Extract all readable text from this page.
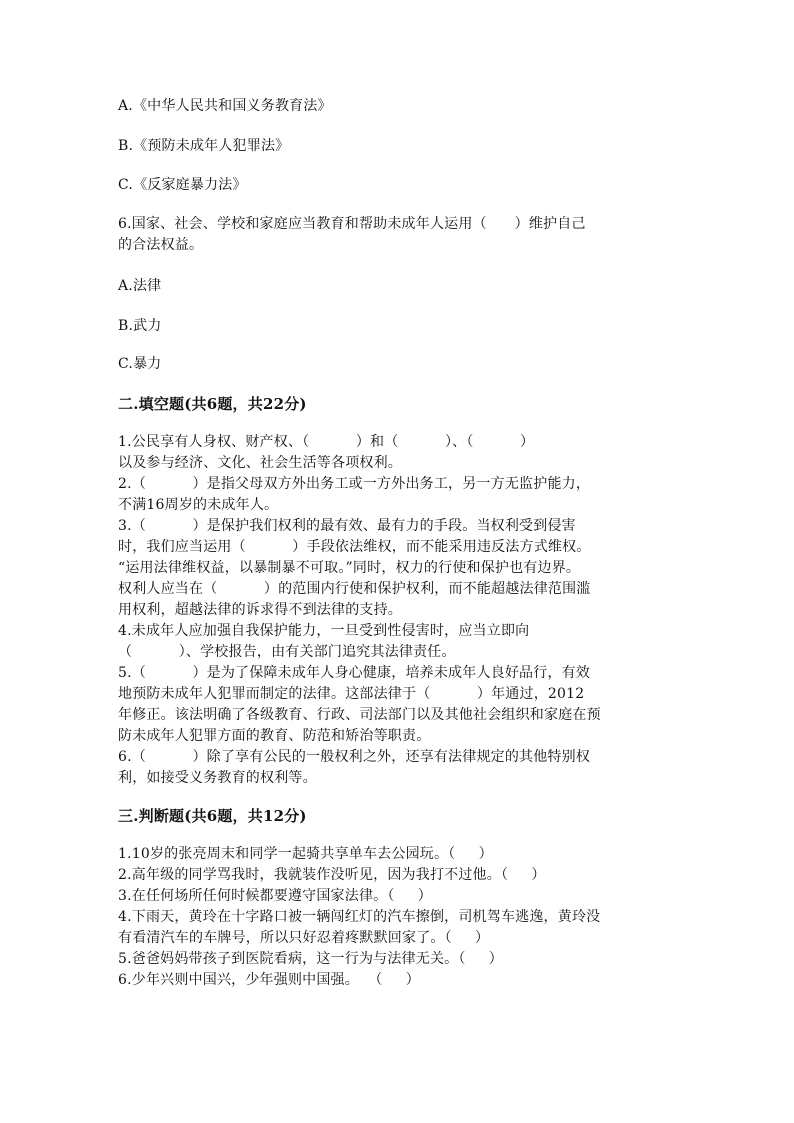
A.《中华人民共和国义务教育法》
B.《预防未成年人犯罪法》
C.《反家庭暴力法》
6.国家、社会、学校和家庭应当教育和帮助未成年人运用（      ）维护自己
的合法权益。
A.法律
B.武力
C.暴力
二.填空题(共6题，共22分)
1.公民享有人身权、财产权、（          ）和（          ）、（          ）
以及参与经济、文化、社会生活等各项权利。
2.（          ）是指父母双方外出务工或一方外出务工，另一方无监护能力，
不满16周岁的未成年人。
3.（          ）是保护我们权利的最有效、最有力的手段。当权利受到侵害
时，我们应当运用（          ）手段依法维权，而不能采用违反法方式维权。
“运用法律维权益，以暴制暴不可取。”同时，权力的行使和保护也有边界。
权利人应当在（          ）的范围内行使和保护权利，而不能超越法律范围滥
用权利，超越法律的诉求得不到法律的支持。
4.未成年人应加强自我保护能力，一旦受到性侵害时，应当立即向
（          ）、学校报告，由有关部门追究其法律责任。
5.（          ）是为了保障未成年人身心健康，培养未成年人良好品行，有效
地预防未成年人犯罪而制定的法律。这部法律于（          ）年通过，2012
年修正。该法明确了各级教育、行政、司法部门以及其他社会组织和家庭在预
防未成年人犯罪方面的教育、防范和矫治等职责。
6.（          ）除了享有公民的一般权利之外，还享有法律规定的其他特别权
利，如接受义务教育的权利等。
三.判断题(共6题，共12分)
1.10岁的张亮周末和同学一起骑共享单车去公园玩。（     ）
2.高年级的同学骂我时，我就装作没听见，因为我打不过他。（     ）
3.在任何场所任何时候都要遵守国家法律。（     ）
4.下雨天，黄玲在十字路口被一辆闯红灯的汽车擦倒，司机驾车逃逸，黄玲没
有看清汽车的车牌号，所以只好忍着疼默默回家了。（     ）
5.爸爸妈妈带孩子到医院看病，这一行为与法律无关。（     ）
6.少年兴则中国兴，少年强则中国强。  （     ）
